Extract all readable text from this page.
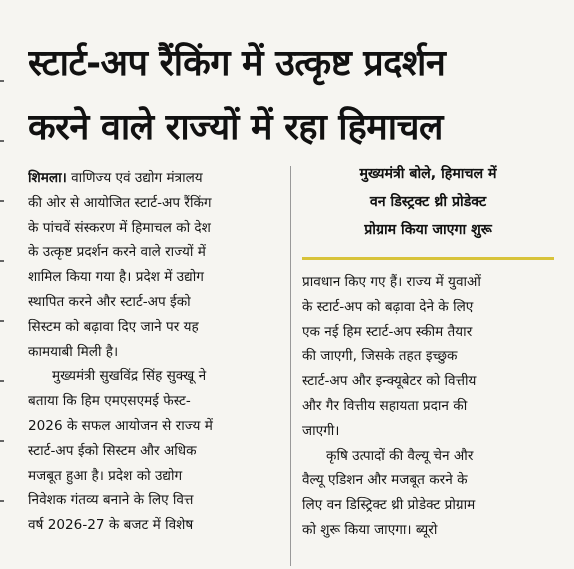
स्टार्ट-अप रैंकिंग में उत्कृष्ट प्रदर्शन
करने वाले राज्यों में रहा हिमाचल
शिमला। वाणिज्य एवं उद्योग मंत्रालय
की ओर से आयोजित स्टार्ट-अप रैंकिंग
के पांचवें संस्करण में हिमाचल को देश
के उत्कृष्ट प्रदर्शन करने वाले राज्यों में
शामिल किया गया है। प्रदेश में उद्योग
स्थापित करने और स्टार्ट-अप ईको
सिस्टम को बढ़ावा दिए जाने पर यह
कामयाबी मिली है।
मुख्यमंत्री सुखविंद्र सिंह सुक्खू ने
बताया कि हिम एमएसएमई फेस्ट-
2026 के सफल आयोजन से राज्य में
स्टार्ट-अप ईको सिस्टम और अधिक
मजबूत हुआ है। प्रदेश को उद्योग
निवेशक गंतव्य बनाने के लिए वित्त
वर्ष 2026-27 के बजट में विशेष
मुख्यमंत्री बोले, हिमाचल में
वन डिस्ट्रक्ट थ्री प्रोडेक्ट
प्रोग्राम किया जाएगा शुरू
प्रावधान किए गए हैं। राज्य में युवाओं
के स्टार्ट-अप को बढ़ावा देने के लिए
एक नई हिम स्टार्ट-अप स्कीम तैयार
की जाएगी, जिसके तहत इच्छुक
स्टार्ट-अप और इन्क्यूबेटर को वित्तीय
और गैर वित्तीय सहायता प्रदान की
जाएगी।
कृषि उत्पादों की वैल्यू चेन और
वैल्यू एडिशन और मजबूत करने के
लिए वन डिस्ट्रिक्ट थ्री प्रोडेक्ट प्रोग्राम
को शुरू किया जाएगा। ब्यूरो
